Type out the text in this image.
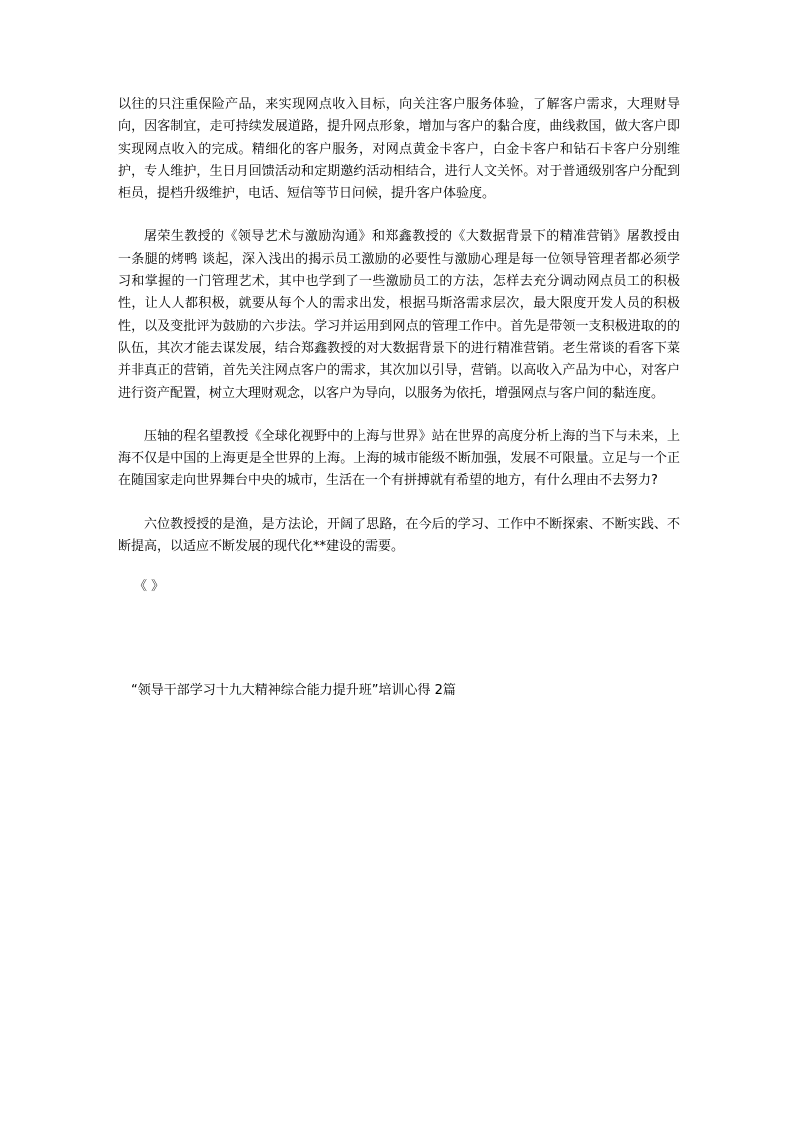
以往的只注重保险产品，来实现网点收入目标，向关注客户服务体验，了解客户需求，大理财导向，因客制宜，走可持续发展道路，提升网点形象，增加与客户的黏合度，曲线救国，做大客户即实现网点收入的完成。精细化的客户服务，对网点黄金卡客户，白金卡客户和钻石卡客户分别维护，专人维护，生日月回馈活动和定期邀约活动相结合，进行人文关怀。对于普通级别客户分配到柜员，提档升级维护，电话、短信等节日问候，提升客户体验度。

屠荣生教授的《领导艺术与激励沟通》和郑鑫教授的《大数据背景下的精准营销》屠教授由 一条腿的烤鸭 谈起，深入浅出的揭示员工激励的必要性与激励心理是每一位领导管理者都必须学习和掌握的一门管理艺术，其中也学到了一些激励员工的方法，怎样去充分调动网点员工的积极性，让人人都积极，就要从每个人的需求出发，根据马斯洛需求层次，最大限度开发人员的积极性，以及变批评为鼓励的六步法。学习并运用到网点的管理工作中。首先是带领一支积极进取的的队伍，其次才能去谋发展，结合郑鑫教授的对大数据背景下的进行精准营销。老生常谈的看客下菜并非真正的营销，首先关注网点客户的需求，其次加以引导，营销。以高收入产品为中心，对客户进行资产配置，树立大理财观念，以客户为导向，以服务为依托，增强网点与客户间的黏连度。

压轴的程名望教授《全球化视野中的上海与世界》站在世界的高度分析上海的当下与未来，上海不仅是中国的上海更是全世界的上海。上海的城市能级不断加强，发展不可限量。立足与一个正在随国家走向世界舞台中央的城市，生活在一个有拼搏就有希望的地方，有什么理由不去努力?

六位教授授的是渔，是方法论，开阔了思路，在今后的学习、工作中不断探索、不断实践、不断提高，以适应不断发展的现代化**建设的需要。

《 》

“领导干部学习十九大精神综合能力提升班”培训心得 2篇
